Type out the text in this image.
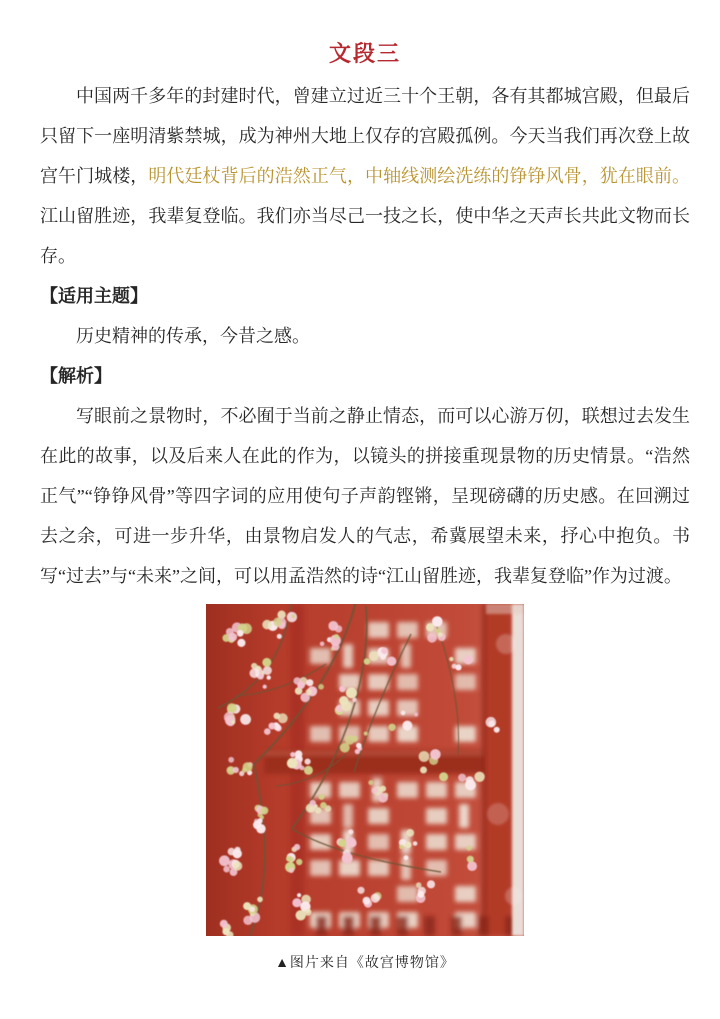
文段三

中国两千多年的封建时代，曾建立过近三十个王朝，各有其都城宫殿，但最后只留下一座明清紫禁城，成为神州大地上仅存的宫殿孤例。今天当我们再次登上故宫午门城楼，明代廷杖背后的浩然正气，中轴线测绘洗练的铮铮风骨，犹在眼前。江山留胜迹，我辈复登临。我们亦当尽己一技之长，使中华之天声长共此文物而长存。

【适用主题】

历史精神的传承，今昔之感。

【解析】

写眼前之景物时，不必囿于当前之静止情态，而可以心游万仞，联想过去发生在此的故事，以及后来人在此的作为，以镜头的拼接重现景物的历史情景。“浩然正气”“铮铮风骨”等四字词的应用使句子声韵铿锵，呈现磅礴的历史感。在回溯过去之余，可进一步升华，由景物启发人的气志，希冀展望未来，抒心中抱负。书写“过去”与“未来”之间，可以用孟浩然的诗“江山留胜迹，我辈复登临”作为过渡。

▲图片来自《故宫博物馆》
